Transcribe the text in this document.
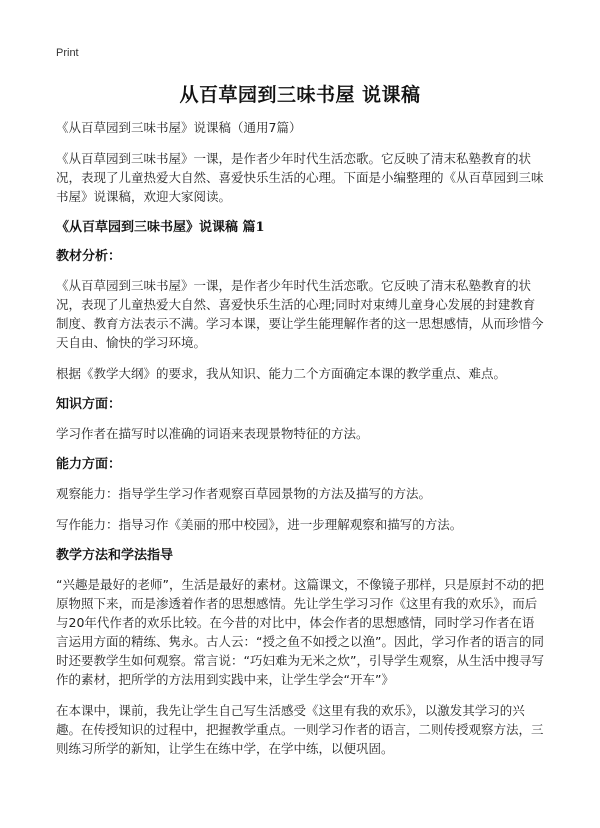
Print
从百草园到三味书屋 说课稿

《从百草园到三味书屋》说课稿（通用7篇）

《从百草园到三味书屋》一课，是作者少年时代生活恋歌。它反映了清末私塾教育的状况，表现了儿童热爱大自然、喜爱快乐生活的心理。下面是小编整理的《从百草园到三味书屋》说课稿，欢迎大家阅读。

《从百草园到三味书屋》说课稿 篇1
教材分析：

《从百草园到三味书屋》一课，是作者少年时代生活恋歌。它反映了清末私塾教育的状况，表现了儿童热爱大自然、喜爱快乐生活的心理;同时对束缚儿童身心发展的封建教育制度、教育方法表示不满。学习本课，要让学生能理解作者的这一思想感情，从而珍惜今天自由、愉快的学习环境。

根据《教学大纲》的要求，我从知识、能力二个方面确定本课的教学重点、难点。

知识方面：

学习作者在描写时以准确的词语来表现景物特征的方法。

能力方面：

观察能力：指导学生学习作者观察百草园景物的方法及描写的方法。

写作能力：指导习作《美丽的邢中校园》，进一步理解观察和描写的方法。

教学方法和学法指导

“兴趣是最好的老师”，生活是最好的素材。这篇课文，不像镜子那样，只是原封不动的把原物照下来，而是渗透着作者的思想感情。先让学生学习习作《这里有我的欢乐》，而后与20年代作者的欢乐比较。在今昔的对比中，体会作者的思想感情，同时学习作者在语言运用方面的精练、隽永。古人云：“授之鱼不如授之以渔”。因此，学习作者的语言的同时还要教学生如何观察。常言说：“巧妇难为无米之炊”，引导学生观察，从生活中搜寻写作的素材，把所学的方法用到实践中来，让学生学会“开车”》

在本课中，课前，我先让学生自己写生活感受《这里有我的欢乐》，以激发其学习的兴趣。在传授知识的过程中，把握教学重点。一则学习作者的语言，二则传授观察方法，三则练习所学的新知，让学生在练中学，在学中练，以便巩固。
